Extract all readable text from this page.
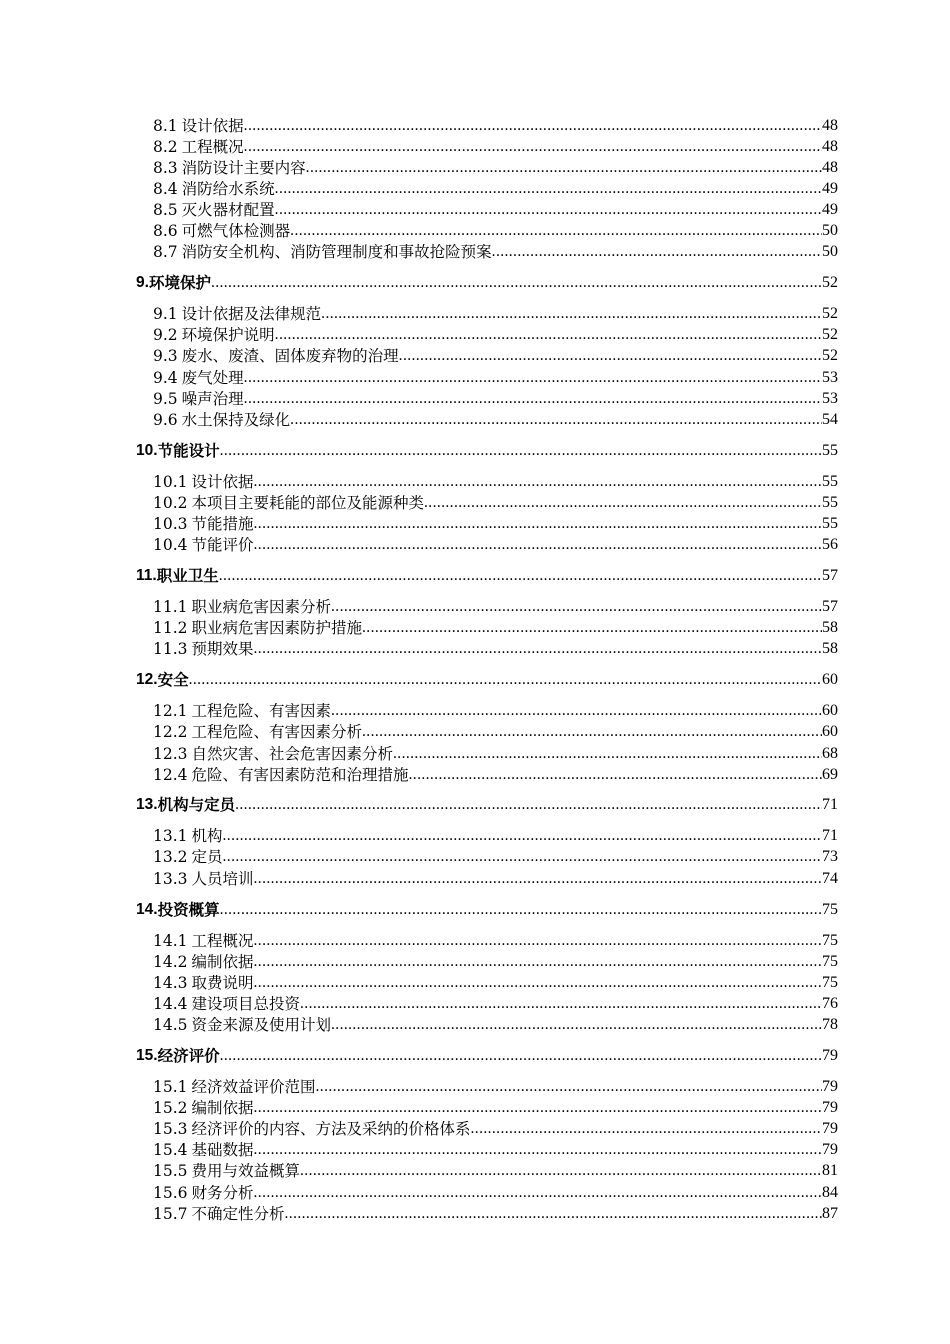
8.1 设计依据 .....	48
8.2 工程概况 .....	48
8.3 消防设计主要内容 .....	48
8.4 消防给水系统 .....	49
8.5 灭火器材配置 .....	49
8.6 可燃气体检测器 .....	50
8.7 消防安全机构、消防管理制度和事故抢险预案 .....	50
9. 环境保护 .....	52
9.1 设计依据及法律规范 .....	52
9.2 环境保护说明 .....	52
9.3 废水、废渣、固体废弃物的治理 .....	52
9.4 废气处理 .....	53
9.5 噪声治理 .....	53
9.6 水土保持及绿化 .....	54
10. 节能设计 .....	55
10.1 设计依据 .....	55
10.2 本项目主要耗能的部位及能源种类 .....	55
10.3 节能措施 .....	55
10.4 节能评价 .....	56
11. 职业卫生 .....	57
11.1 职业病危害因素分析 .....	57
11.2 职业病危害因素防护措施 .....	58
11.3 预期效果 .....	58
12. 安全 .....	60
12.1 工程危险、有害因素 .....	60
12.2 工程危险、有害因素分析 .....	60
12.3 自然灾害、社会危害因素分析 .....	68
12.4 危险、有害因素防范和治理措施 .....	69
13. 机构与定员 .....	71
13.1 机构 .....	71
13.2 定员 .....	73
13.3 人员培训 .....	74
14. 投资概算 .....	75
14.1 工程概况 .....	75
14.2 编制依据 .....	75
14.3 取费说明 .....	75
14.4 建设项目总投资 .....	76
14.5 资金来源及使用计划 .....	78
15. 经济评价 .....	79
15.1 经济效益评价范围 .....	79
15.2 编制依据 .....	79
15.3 经济评价的内容、方法及采纳的价格体系 .....	79
15.4 基础数据 .....	79
15.5 费用与效益概算 .....	81
15.6 财务分析 .....	84
15.7 不确定性分析 .....	87
